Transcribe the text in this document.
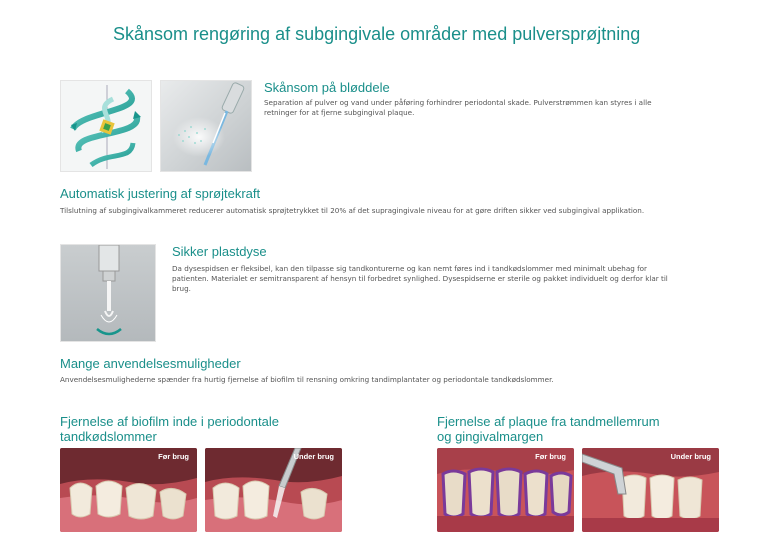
Skånsom rengøring af subgingivale områder med pulversprøjtning
Skånsom på bløddele
Separation af pulver og vand under påføring forhindrer periodontal skade. Pulverstrømmen kan styres i alle retninger for at fjerne subgingival plaque.
Automatisk justering af sprøjtekraft
Tilslutning af subgingivalkammeret reducerer automatisk sprøjtetrykket til 20% af det supragingivale niveau for at gøre driften sikker ved subgingival applikation.
Sikker plastdyse
Da dysespidsen er fleksibel, kan den tilpasse sig tandkonturerne og kan nemt føres ind i tandkødslommer med minimalt ubehag for patienten. Materialet er semitransparent af hensyn til forbedret synlighed. Dysespidserne er sterile og pakket individuelt og derfor klar til brug.
Mange anvendelsesmuligheder
Anvendelsesmulighederne spænder fra hurtig fjernelse af biofilm til rensning omkring tandimplantater og periodontale tandkødslommer.
Fjernelse af biofilm inde i periodontale
tandkødslommer
Før brug	Under brug
Fjernelse af plaque fra tandmellemrum
og gingivalmargen
Før brug	Under brug
